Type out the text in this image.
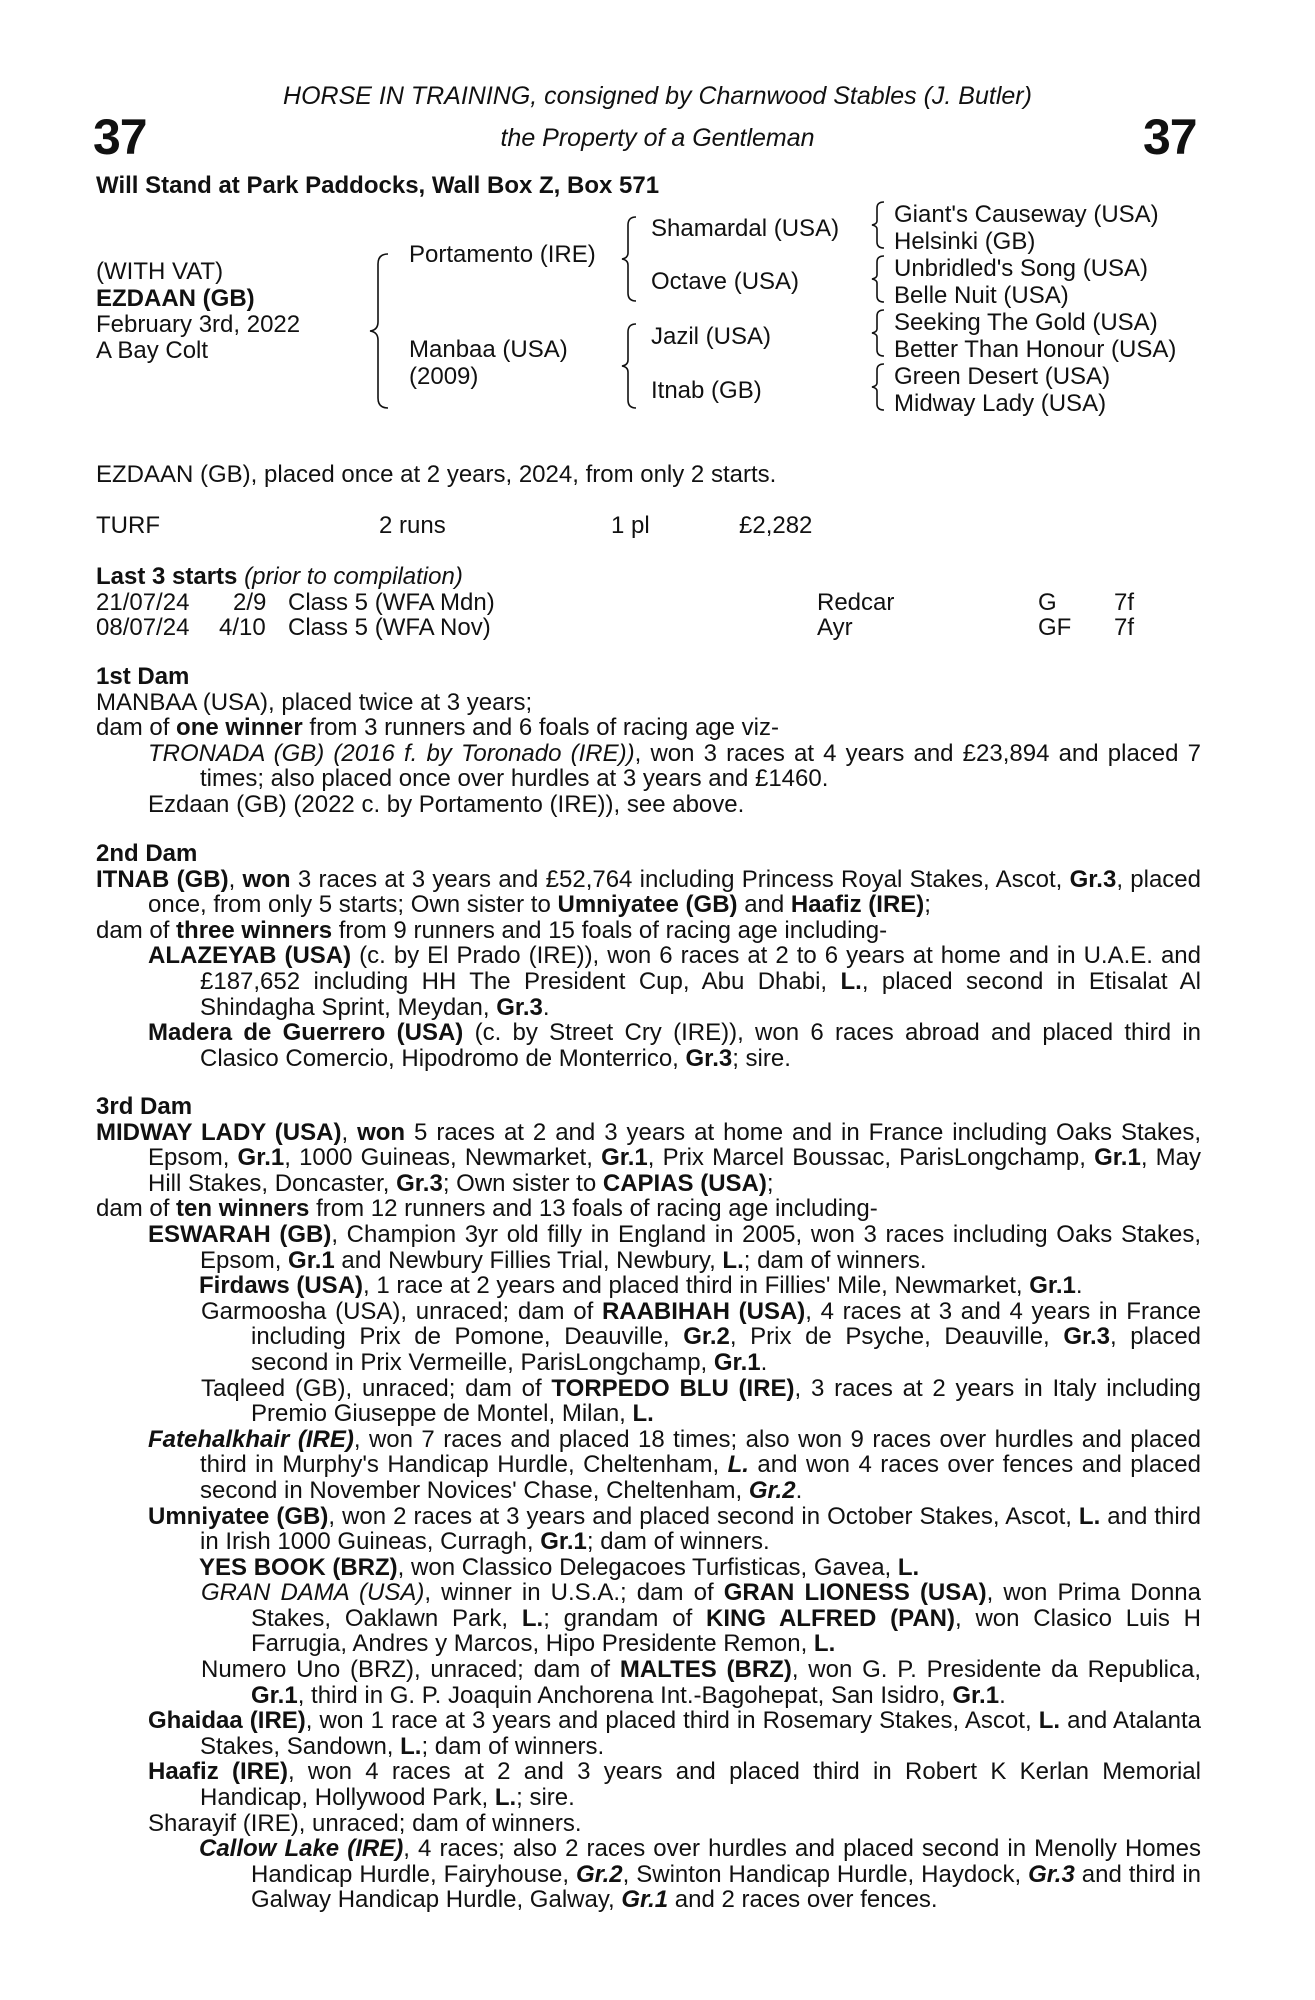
37	37
HORSE IN TRAINING, consigned by Charnwood Stables (J. Butler)
the Property of a Gentleman
Will Stand at Park Paddocks, Wall Box Z, Box 571
(WITH VAT)
EZDAAN (GB)
February 3rd, 2022
A Bay Colt
Portamento (IRE)
Manbaa (USA)
(2009)
Shamardal (USA)
Octave (USA)
Jazil (USA)
Itnab (GB)
Giant's Causeway (USA)
Helsinki (GB)
Unbridled's Song (USA)
Belle Nuit (USA)
Seeking The Gold (USA)
Better Than Honour (USA)
Green Desert (USA)
Midway Lady (USA)
EZDAAN (GB), placed once at 2 years, 2024, from only 2 starts.
TURF	2 runs	1 pl	£2,282
Last 3 starts (prior to compilation)
21/07/24 2/9 Class 5 (WFA Mdn)	Redcar	G 7f
08/07/24 4/10 Class 5 (WFA Nov)	Ayr	GF 7f
1st Dam
MANBAA (USA), placed twice at 3 years;
dam of one winner from 3 runners and 6 foals of racing age viz-
TRONADA (GB) (2016 f. by Toronado (IRE)), won 3 races at 4 years and £23,894 and placed 7 times; also placed once over hurdles at 3 years and £1460.
Ezdaan (GB) (2022 c. by Portamento (IRE)), see above.
2nd Dam
ITNAB (GB), won 3 races at 3 years and £52,764 including Princess Royal Stakes, Ascot, Gr.3, placed once, from only 5 starts; Own sister to Umniyatee (GB) and Haafiz (IRE);
dam of three winners from 9 runners and 15 foals of racing age including-
ALAZEYAB (USA) (c. by El Prado (IRE)), won 6 races at 2 to 6 years at home and in U.A.E. and £187,652 including HH The President Cup, Abu Dhabi, L., placed second in Etisalat Al Shindagha Sprint, Meydan, Gr.3.
Madera de Guerrero (USA) (c. by Street Cry (IRE)), won 6 races abroad and placed third in Clasico Comercio, Hipodromo de Monterrico, Gr.3; sire.
3rd Dam
MIDWAY LADY (USA), won 5 races at 2 and 3 years at home and in France including Oaks Stakes, Epsom, Gr.1, 1000 Guineas, Newmarket, Gr.1, Prix Marcel Boussac, ParisLongchamp, Gr.1, May Hill Stakes, Doncaster, Gr.3; Own sister to CAPIAS (USA);
dam of ten winners from 12 runners and 13 foals of racing age including-
ESWARAH (GB), Champion 3yr old filly in England in 2005, won 3 races including Oaks Stakes, Epsom, Gr.1 and Newbury Fillies Trial, Newbury, L.; dam of winners.
Firdaws (USA), 1 race at 2 years and placed third in Fillies' Mile, Newmarket, Gr.1.
Garmoosha (USA), unraced; dam of RAABIHAH (USA), 4 races at 3 and 4 years in France including Prix de Pomone, Deauville, Gr.2, Prix de Psyche, Deauville, Gr.3, placed second in Prix Vermeille, ParisLongchamp, Gr.1.
Taqleed (GB), unraced; dam of TORPEDO BLU (IRE), 3 races at 2 years in Italy including Premio Giuseppe de Montel, Milan, L.
Fatehalkhair (IRE), won 7 races and placed 18 times; also won 9 races over hurdles and placed third in Murphy's Handicap Hurdle, Cheltenham, L. and won 4 races over fences and placed second in November Novices' Chase, Cheltenham, Gr.2.
Umniyatee (GB), won 2 races at 3 years and placed second in October Stakes, Ascot, L. and third in Irish 1000 Guineas, Curragh, Gr.1; dam of winners.
YES BOOK (BRZ), won Classico Delegacoes Turfisticas, Gavea, L.
GRAN DAMA (USA), winner in U.S.A.; dam of GRAN LIONESS (USA), won Prima Donna Stakes, Oaklawn Park, L.; grandam of KING ALFRED (PAN), won Clasico Luis H Farrugia, Andres y Marcos, Hipo Presidente Remon, L.
Numero Uno (BRZ), unraced; dam of MALTES (BRZ), won G. P. Presidente da Republica, Gr.1, third in G. P. Joaquin Anchorena Int.-Bagohepat, San Isidro, Gr.1.
Ghaidaa (IRE), won 1 race at 3 years and placed third in Rosemary Stakes, Ascot, L. and Atalanta Stakes, Sandown, L.; dam of winners.
Haafiz (IRE), won 4 races at 2 and 3 years and placed third in Robert K Kerlan Memorial Handicap, Hollywood Park, L.; sire.
Sharayif (IRE), unraced; dam of winners.
Callow Lake (IRE), 4 races; also 2 races over hurdles and placed second in Menolly Homes Handicap Hurdle, Fairyhouse, Gr.2, Swinton Handicap Hurdle, Haydock, Gr.3 and third in Galway Handicap Hurdle, Galway, Gr.1 and 2 races over fences.
